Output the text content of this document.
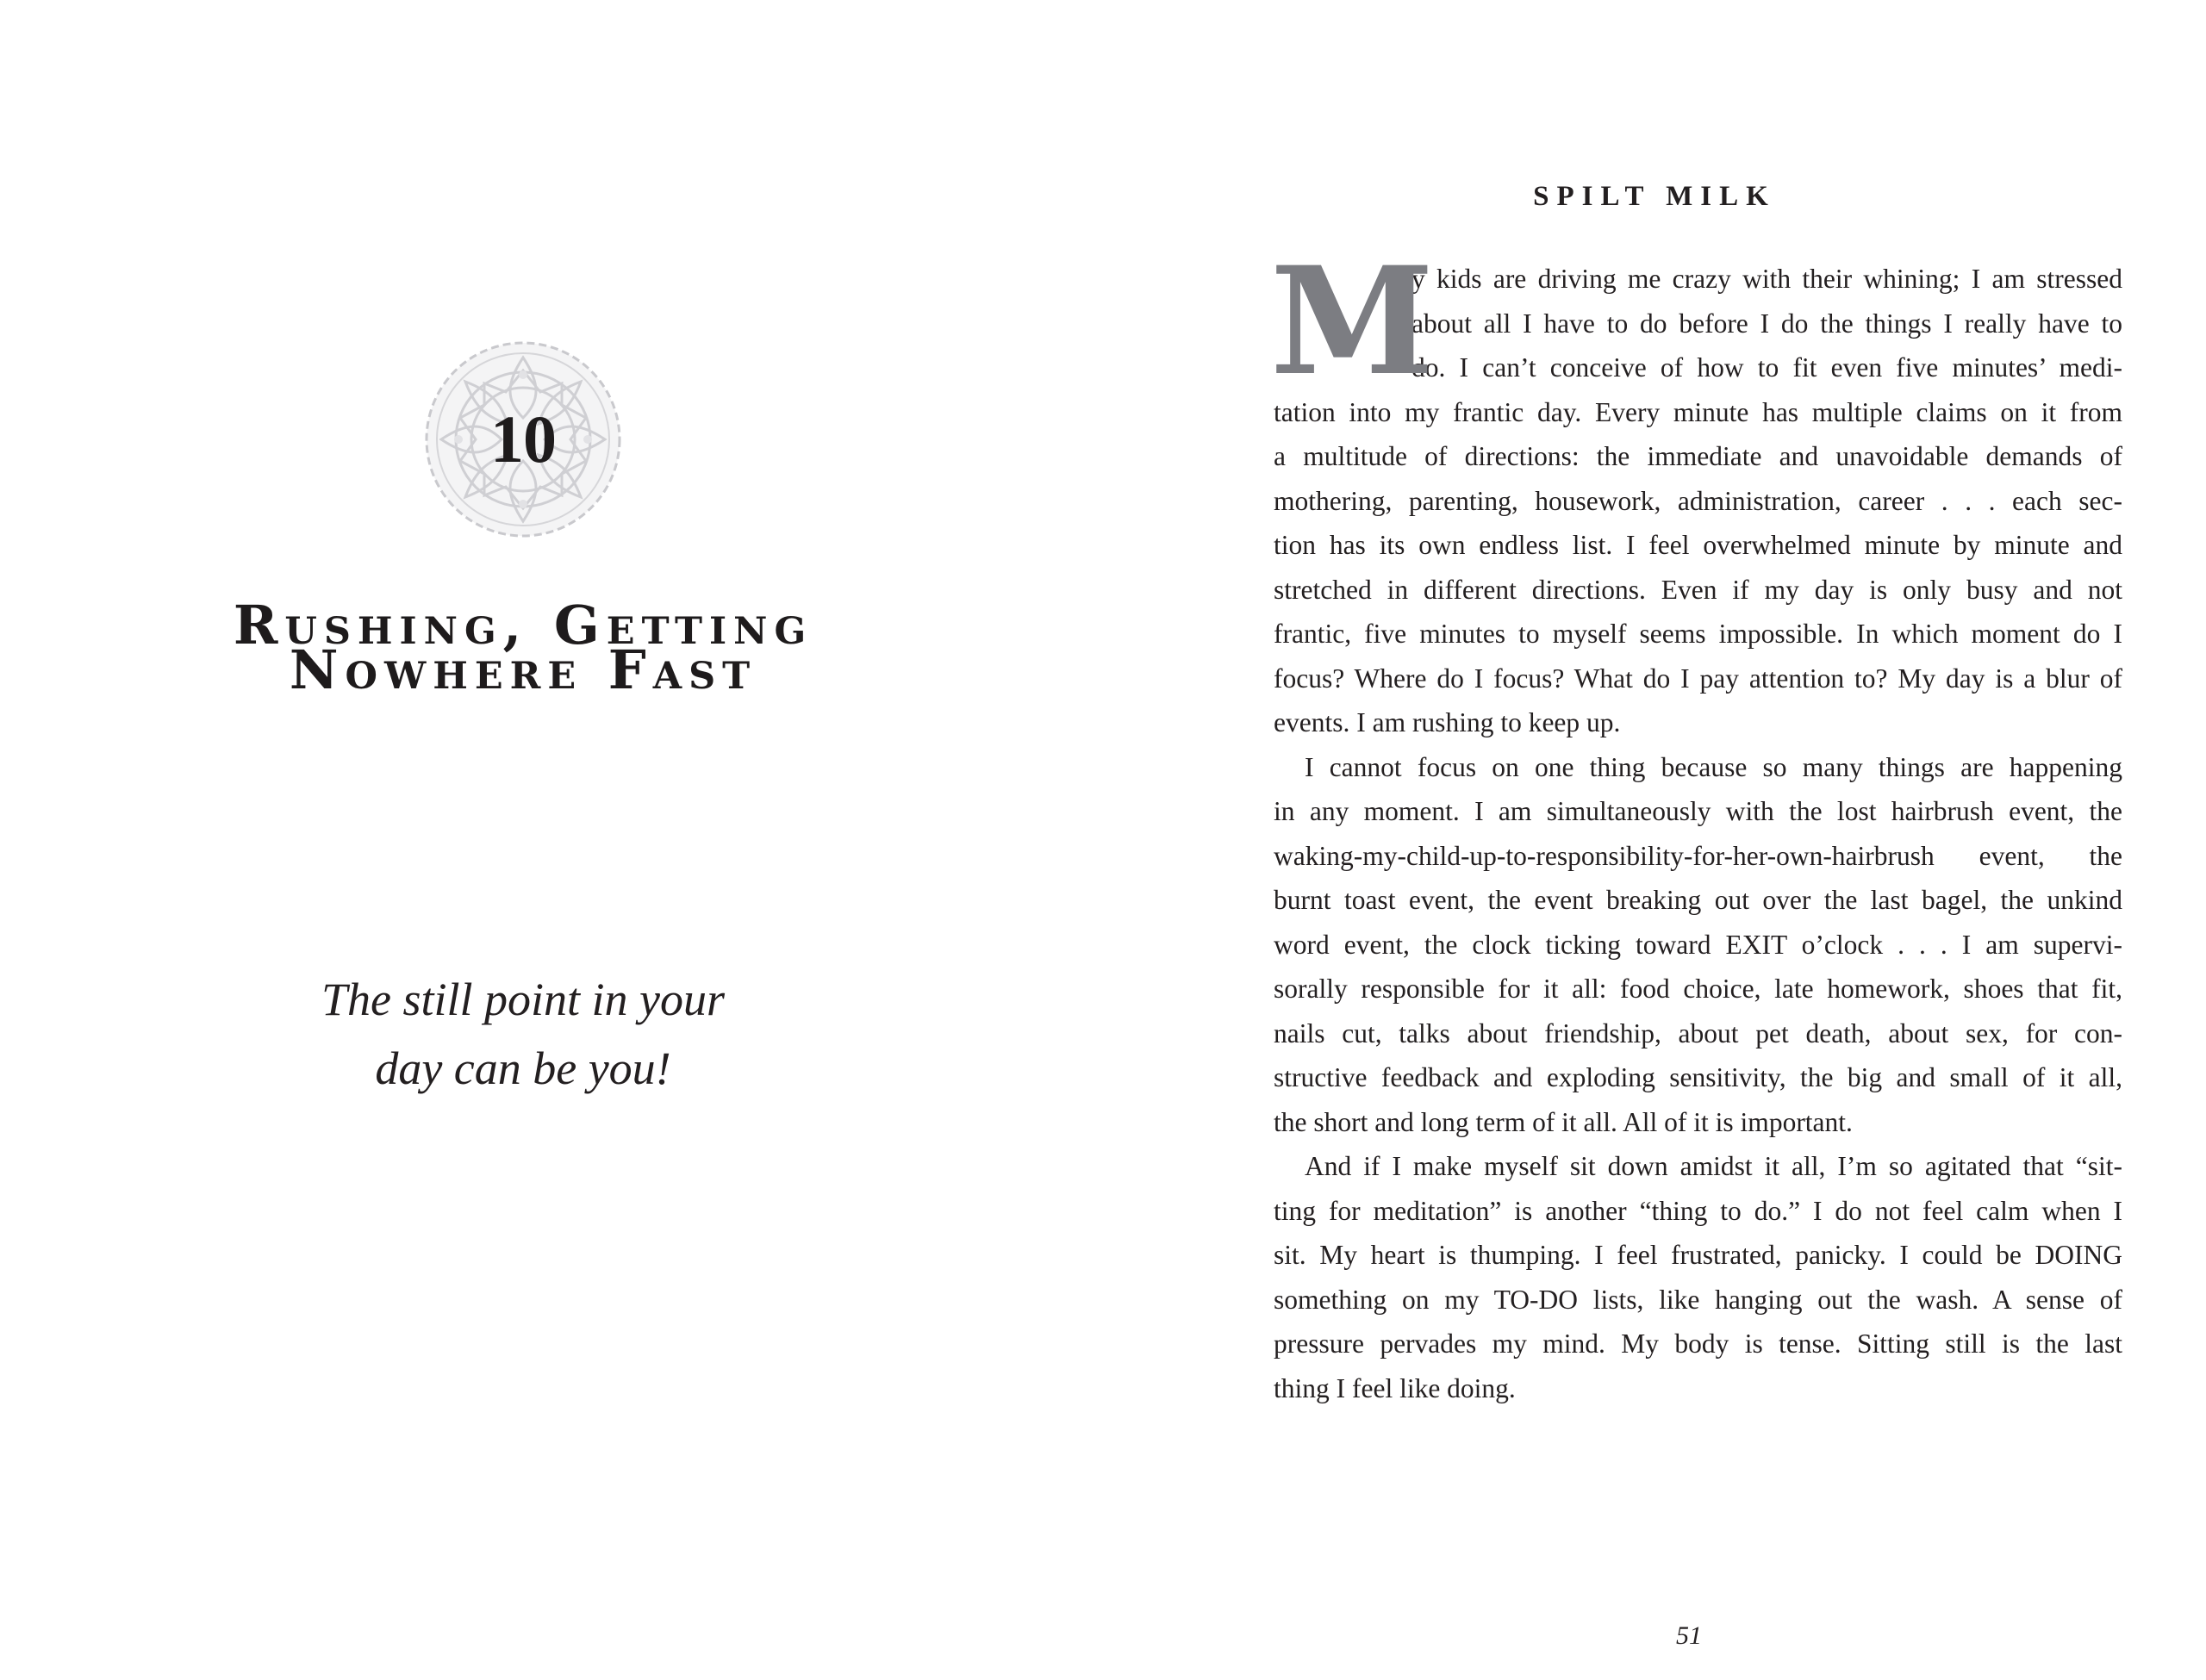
10
Rushing, Getting
Nowhere Fast
The still point in your
day can be you!
SPILT MILK
M
y kids are driving me crazy with their whining; I am stressed
about all I have to do before I do the things I really have to
do. I can’t conceive of how to fit even five minutes’ medi-
tation into my frantic day. Every minute has multiple claims on it from
a multitude of directions: the immediate and unavoidable demands of
mothering, parenting, housework, administration, career . . . each sec-
tion has its own endless list. I feel overwhelmed minute by minute and
stretched in different directions. Even if my day is only busy and not
frantic, five minutes to myself seems impossible. In which moment do I
focus? Where do I focus? What do I pay attention to? My day is a blur of
events. I am rushing to keep up.
I cannot focus on one thing because so many things are happening
in any moment. I am simultaneously with the lost hairbrush event, the
waking-my-child-up-to-responsibility-for-her-own-hairbrush event, the
burnt toast event, the event breaking out over the last bagel, the unkind
word event, the clock ticking toward EXIT o’clock . . . I am supervi-
sorally responsible for it all: food choice, late homework, shoes that fit,
nails cut, talks about friendship, about pet death, about sex, for con-
structive feedback and exploding sensitivity, the big and small of it all,
the short and long term of it all. All of it is important.
And if I make myself sit down amidst it all, I’m so agitated that “sit-
ting for meditation” is another “thing to do.” I do not feel calm when I
sit. My heart is thumping. I feel frustrated, panicky. I could be DOING
something on my TO-DO lists, like hanging out the wash. A sense of
pressure pervades my mind. My body is tense. Sitting still is the last
thing I feel like doing.
51
